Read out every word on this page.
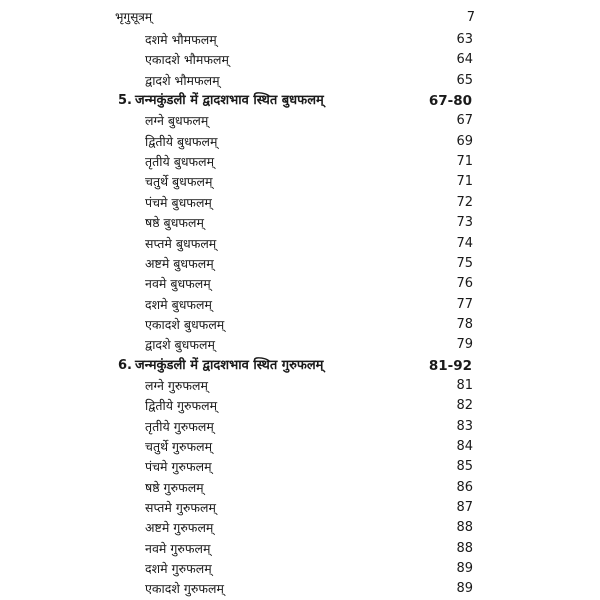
भृगुसूत्रम्	7
दशमे भौमफलम्	63
एकादशे भौमफलम्	64
द्वादशे भौमफलम्	65
5. जन्मकुंडली में द्वादशभाव स्थित बुधफलम्	67-80
लग्ने बुधफलम्	67
द्वितीये बुधफलम्	69
तृतीये बुधफलम्	71
चतुर्थे बुधफलम्	71
पंचमे बुधफलम्	72
षष्ठे बुधफलम्	73
सप्तमे बुधफलम्	74
अष्टमे बुधफलम्	75
नवमे बुधफलम्	76
दशमे बुधफलम्	77
एकादशे बुधफलम्	78
द्वादशे बुधफलम्	79
6. जन्मकुंडली में द्वादशभाव स्थित गुरुफलम्	81-92
लग्ने गुरुफलम्	81
द्वितीये गुरुफलम्	82
तृतीये गुरुफलम्	83
चतुर्थे गुरुफलम्	84
पंचमे गुरुफलम्	85
षष्ठे गुरुफलम्	86
सप्तमे गुरुफलम्	87
अष्टमे गुरुफलम्	88
नवमे गुरुफलम्	88
दशमे गुरुफलम्	89
एकादशे गुरुफलम्	89
